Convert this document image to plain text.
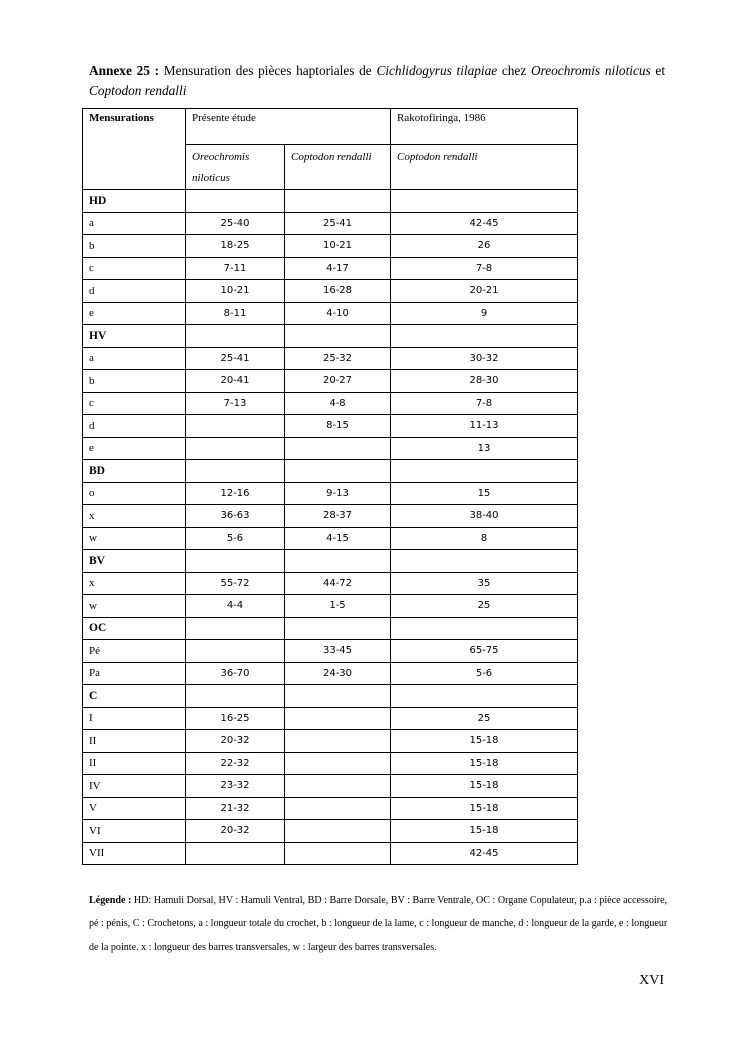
Annexe 25 : Mensuration des pièces haptoriales de Cichlidogyrus tilapiae chez Oreochromis niloticus et Coptodon rendalli
Mensurations	Présente étude		Rakotofiringa, 1986
	Oreochromis niloticus	Coptodon rendalli	Coptodon rendalli
HD			
a	25-40	25-41	42-45
b	18-25	10-21	26
c	7-11	4-17	7-8
d	10-21	16-28	20-21
e	8-11	4-10	9
HV			
a	25-41	25-32	30-32
b	20-41	20-27	28-30
c	7-13	4-8	7-8
d		8-15	11-13
e			13
BD			
o	12-16	9-13	15
x	36-63	28-37	38-40
w	5-6	4-15	8
BV			
x	55-72	44-72	35
w	4-4	1-5	25
OC			
Pé		33-45	65-75
Pa	36-70	24-30	5-6
C			
I	16-25		25
II	20-32		15-18
II	22-32		15-18
IV	23-32		15-18
V	21-32		15-18
VI	20-32		15-18
VII			42-45
Légende : HD: Hamuli Dorsal, HV : Hamuli Ventral, BD : Barre Dorsale, BV : Barre Ventrale, OC : Organe Copulateur, p.a : pièce accessoire, pé : pénis, C : Crochetons, a : longueur totale du crochet, b : longueur de la lame, c : longueur de manche, d : longueur de la garde, e : longueur de la pointe. x : longueur des barres transversales, w : largeur des barres transversales.
XVI
